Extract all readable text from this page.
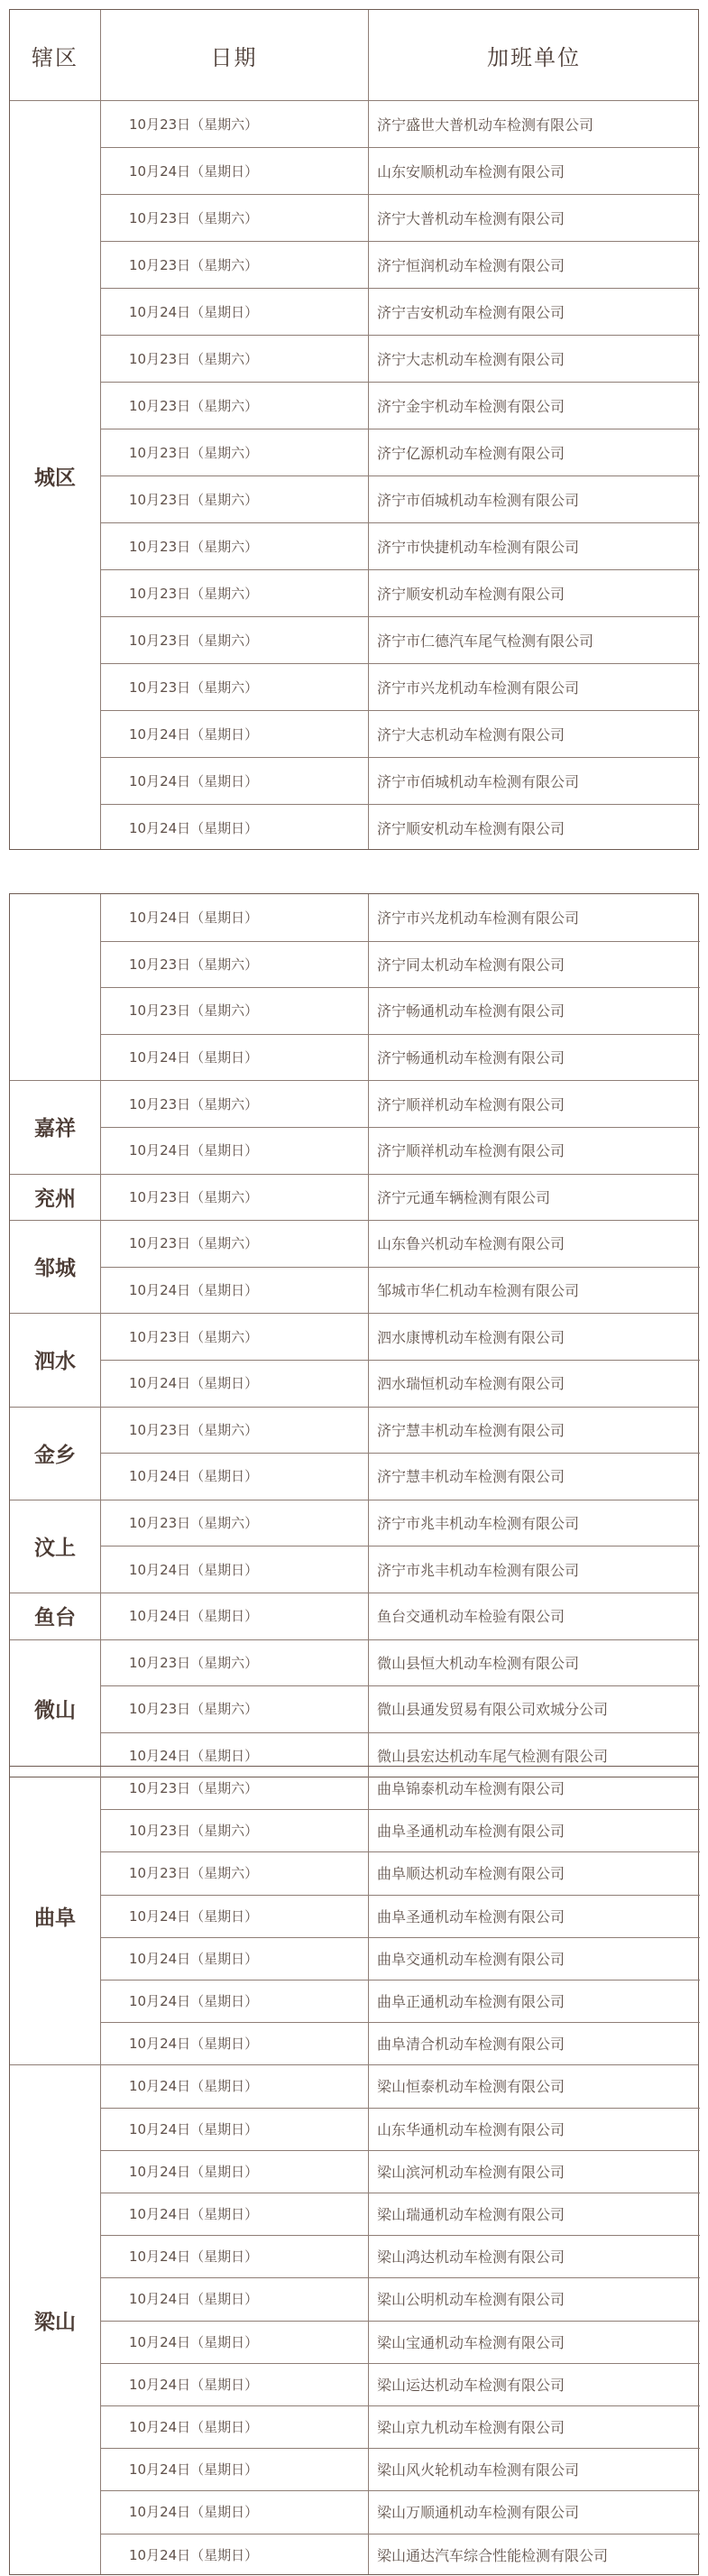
辖区	日期	加班单位
城区
10月23日（星期六）	济宁盛世大普机动车检测有限公司
10月24日（星期日）	山东安顺机动车检测有限公司
10月23日（星期六）	济宁大普机动车检测有限公司
10月23日（星期六）	济宁恒润机动车检测有限公司
10月24日（星期日）	济宁吉安机动车检测有限公司
10月23日（星期六）	济宁大志机动车检测有限公司
10月23日（星期六）	济宁金宇机动车检测有限公司
10月23日（星期六）	济宁亿源机动车检测有限公司
10月23日（星期六）	济宁市佰城机动车检测有限公司
10月23日（星期六）	济宁市快捷机动车检测有限公司
10月23日（星期六）	济宁顺安机动车检测有限公司
10月23日（星期六）	济宁市仁德汽车尾气检测有限公司
10月23日（星期六）	济宁市兴龙机动车检测有限公司
10月24日（星期日）	济宁大志机动车检测有限公司
10月24日（星期日）	济宁市佰城机动车检测有限公司
10月24日（星期日）	济宁顺安机动车检测有限公司
10月24日（星期日）	济宁市兴龙机动车检测有限公司
10月23日（星期六）	济宁同太机动车检测有限公司
10月23日（星期六）	济宁畅通机动车检测有限公司
10月24日（星期日）	济宁畅通机动车检测有限公司
嘉祥
10月23日（星期六）	济宁顺祥机动车检测有限公司
10月24日（星期日）	济宁顺祥机动车检测有限公司
兖州	10月23日（星期六）	济宁元通车辆检测有限公司
邹城
10月23日（星期六）	山东鲁兴机动车检测有限公司
10月24日（星期日）	邹城市华仁机动车检测有限公司
泗水
10月23日（星期六）	泗水康博机动车检测有限公司
10月24日（星期日）	泗水瑞恒机动车检测有限公司
金乡
10月23日（星期六）	济宁慧丰机动车检测有限公司
10月24日（星期日）	济宁慧丰机动车检测有限公司
汶上
10月23日（星期六）	济宁市兆丰机动车检测有限公司
10月24日（星期日）	济宁市兆丰机动车检测有限公司
鱼台	10月24日（星期日）	鱼台交通机动车检验有限公司
微山
10月23日（星期六）	微山县恒大机动车检测有限公司
10月23日（星期六）	微山县通发贸易有限公司欢城分公司
10月24日（星期日）	微山县宏达机动车尾气检测有限公司
曲阜
10月23日（星期六）	曲阜锦泰机动车检测有限公司
10月23日（星期六）	曲阜圣通机动车检测有限公司
10月23日（星期六）	曲阜顺达机动车检测有限公司
10月24日（星期日）	曲阜圣通机动车检测有限公司
10月24日（星期日）	曲阜交通机动车检测有限公司
10月24日（星期日）	曲阜正通机动车检测有限公司
10月24日（星期日）	曲阜清合机动车检测有限公司
梁山
10月24日（星期日）	梁山恒泰机动车检测有限公司
10月24日（星期日）	山东华通机动车检测有限公司
10月24日（星期日）	梁山滨河机动车检测有限公司
10月24日（星期日）	梁山瑞通机动车检测有限公司
10月24日（星期日）	梁山鸿达机动车检测有限公司
10月24日（星期日）	梁山公明机动车检测有限公司
10月24日（星期日）	梁山宝通机动车检测有限公司
10月24日（星期日）	梁山运达机动车检测有限公司
10月24日（星期日）	梁山京九机动车检测有限公司
10月24日（星期日）	梁山风火轮机动车检测有限公司
10月24日（星期日）	梁山万顺通机动车检测有限公司
10月24日（星期日）	梁山通达汽车综合性能检测有限公司
